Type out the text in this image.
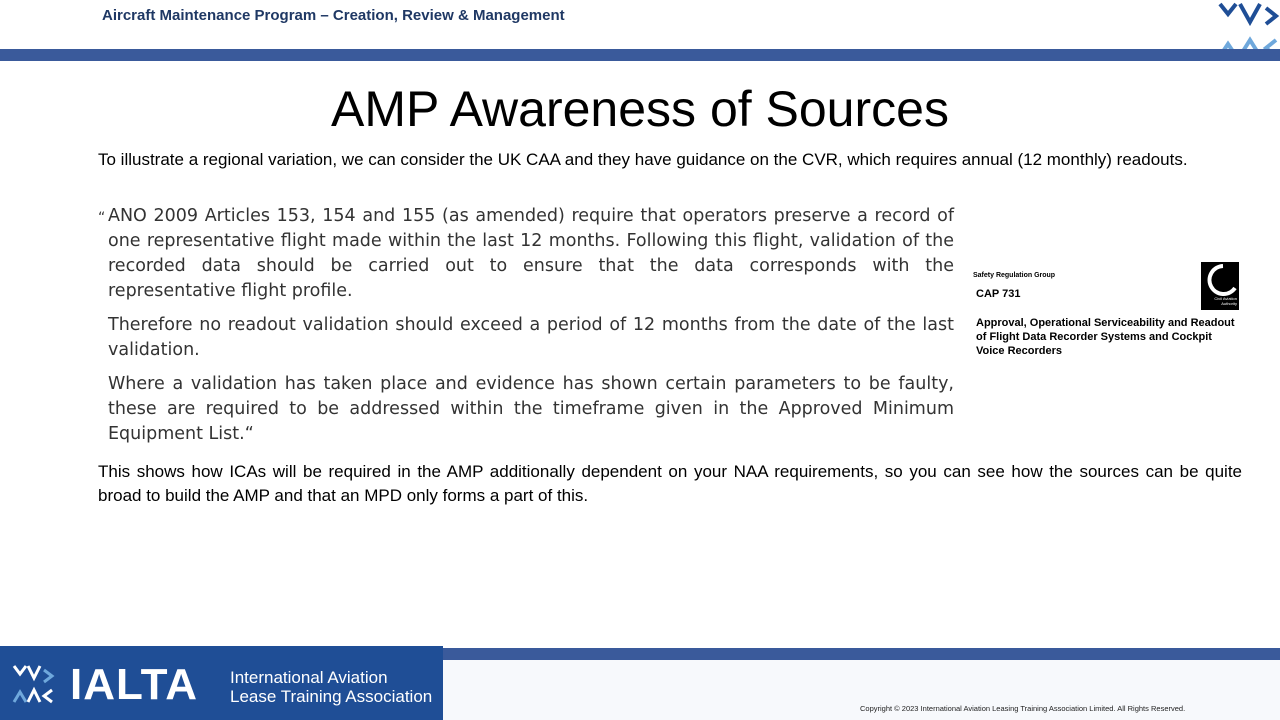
Aircraft Maintenance Program – Creation, Review & Management
AMP Awareness of Sources
To illustrate a regional variation, we can consider the UK CAA and they have guidance on the CVR, which requires annual (12 monthly) readouts.
“ ANO 2009 Articles 153, 154 and 155 (as amended) require that operators preserve a record of one representative flight made within the last 12 months. Following this flight, validation of the recorded data should be carried out to ensure that the data corresponds with the representative flight profile.

Therefore no readout validation should exceed a period of 12 months from the date of the last validation.

Where a validation has taken place and evidence has shown certain parameters to be faulty, these are required to be addressed within the timeframe given in the Approved Minimum Equipment List.“

Safety Regulation Group
CAP 731
Approval, Operational Serviceability and Readout of Flight Data Recorder Systems and Cockpit Voice Recorders
Civil Aviation Authority
This shows how ICAs will be required in the AMP additionally dependent on your NAA requirements, so you can see how the sources can be quite broad to build the AMP and that an MPD only forms a part of this.
IALTA International Aviation
Lease Training Association
Copyright © 2023 International Aviation Leasing Training Association Limited. All Rights Reserved.
